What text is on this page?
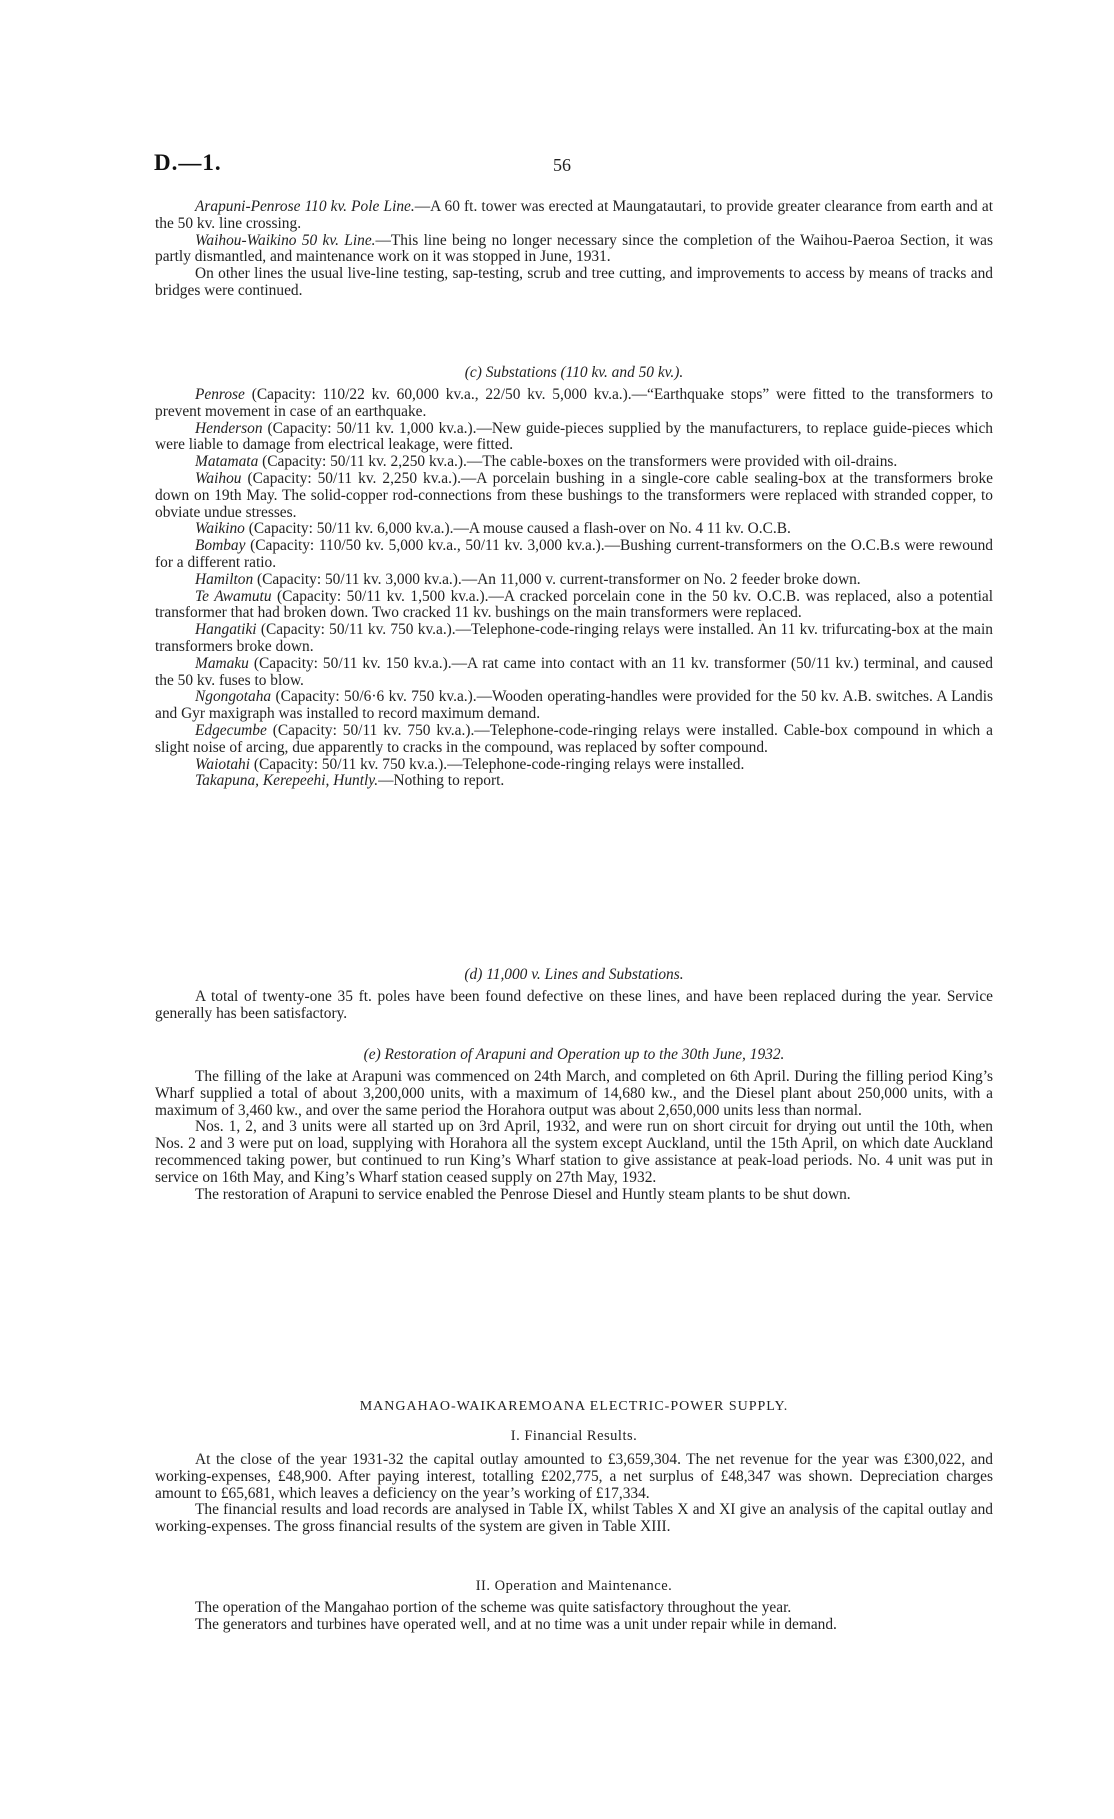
D.—1.	56

Arapuni-Penrose 110 kv. Pole Line.—A 60 ft. tower was erected at Maungatautari, to provide greater clearance from earth and at the 50 kv. line crossing.

Waihou-Waikino 50 kv. Line.—This line being no longer necessary since the completion of the Waihou-Paeroa Section, it was partly dismantled, and maintenance work on it was stopped in June, 1931.

On other lines the usual live-line testing, sap-testing, scrub and tree cutting, and improvements to access by means of tracks and bridges were continued.

(c) Substations (110 kv. and 50 kv.).

Penrose (Capacity: 110/22 kv. 60,000 kv.a., 22/50 kv. 5,000 kv.a.).—“Earthquake stops” were fitted to the transformers to prevent movement in case of an earthquake.

Henderson (Capacity: 50/11 kv. 1,000 kv.a.).—New guide-pieces supplied by the manufacturers, to replace guide-pieces which were liable to damage from electrical leakage, were fitted.

Matamata (Capacity: 50/11 kv. 2,250 kv.a.).—The cable-boxes on the transformers were provided with oil-drains.

Waihou (Capacity: 50/11 kv. 2,250 kv.a.).—A porcelain bushing in a single-core cable sealing-box at the transformers broke down on 19th May. The solid-copper rod-connections from these bushings to the transformers were replaced with stranded copper, to obviate undue stresses.

Waikino (Capacity: 50/11 kv. 6,000 kv.a.).—A mouse caused a flash-over on No. 4 11 kv. O.C.B.

Bombay (Capacity: 110/50 kv. 5,000 kv.a., 50/11 kv. 3,000 kv.a.).—Bushing current-transformers on the O.C.B.s were rewound for a different ratio.

Hamilton (Capacity: 50/11 kv. 3,000 kv.a.).—An 11,000 v. current-transformer on No. 2 feeder broke down.

Te Awamutu (Capacity: 50/11 kv. 1,500 kv.a.).—A cracked porcelain cone in the 50 kv. O.C.B. was replaced, also a potential transformer that had broken down. Two cracked 11 kv. bushings on the main transformers were replaced.

Hangatiki (Capacity: 50/11 kv. 750 kv.a.).—Telephone-code-ringing relays were installed. An 11 kv. trifurcating-box at the main transformers broke down.

Mamaku (Capacity: 50/11 kv. 150 kv.a.).—A rat came into contact with an 11 kv. transformer (50/11 kv.) terminal, and caused the 50 kv. fuses to blow.

Ngongotaha (Capacity: 50/6·6 kv. 750 kv.a.).—Wooden operating-handles were provided for the 50 kv. A.B. switches. A Landis and Gyr maxigraph was installed to record maximum demand.

Edgecumbe (Capacity: 50/11 kv. 750 kv.a.).—Telephone-code-ringing relays were installed. Cable-box compound in which a slight noise of arcing, due apparently to cracks in the compound, was replaced by softer compound.

Waiotahi (Capacity: 50/11 kv. 750 kv.a.).—Telephone-code-ringing relays were installed.

Takapuna, Kerepeehi, Huntly.—Nothing to report.

(d) 11,000 v. Lines and Substations.

A total of twenty-one 35 ft. poles have been found defective on these lines, and have been replaced during the year. Service generally has been satisfactory.

(e) Restoration of Arapuni and Operation up to the 30th June, 1932.

The filling of the lake at Arapuni was commenced on 24th March, and completed on 6th April. During the filling period King’s Wharf supplied a total of about 3,200,000 units, with a maximum of 14,680 kw., and the Diesel plant about 250,000 units, with a maximum of 3,460 kw., and over the same period the Horahora output was about 2,650,000 units less than normal.

Nos. 1, 2, and 3 units were all started up on 3rd April, 1932, and were run on short circuit for drying out until the 10th, when Nos. 2 and 3 were put on load, supplying with Horahora all the system except Auckland, until the 15th April, on which date Auckland recommenced taking power, but continued to run King’s Wharf station to give assistance at peak-load periods. No. 4 unit was put in service on 16th May, and King’s Wharf station ceased supply on 27th May, 1932.

The restoration of Arapuni to service enabled the Penrose Diesel and Huntly steam plants to be shut down.

MANGAHAO-WAIKAREMOANA ELECTRIC-POWER SUPPLY.
I. Financial Results.

At the close of the year 1931-32 the capital outlay amounted to £3,659,304. The net revenue for the year was £300,022, and working-expenses, £48,900. After paying interest, totalling £202,775, a net surplus of £48,347 was shown. Depreciation charges amount to £65,681, which leaves a deficiency on the year’s working of £17,334.

The financial results and load records are analysed in Table IX, whilst Tables X and XI give an analysis of the capital outlay and working-expenses. The gross financial results of the system are given in Table XIII.

II. Operation and Maintenance.

The operation of the Mangahao portion of the scheme was quite satisfactory throughout the year.

The generators and turbines have operated well, and at no time was a unit under repair while in demand.
